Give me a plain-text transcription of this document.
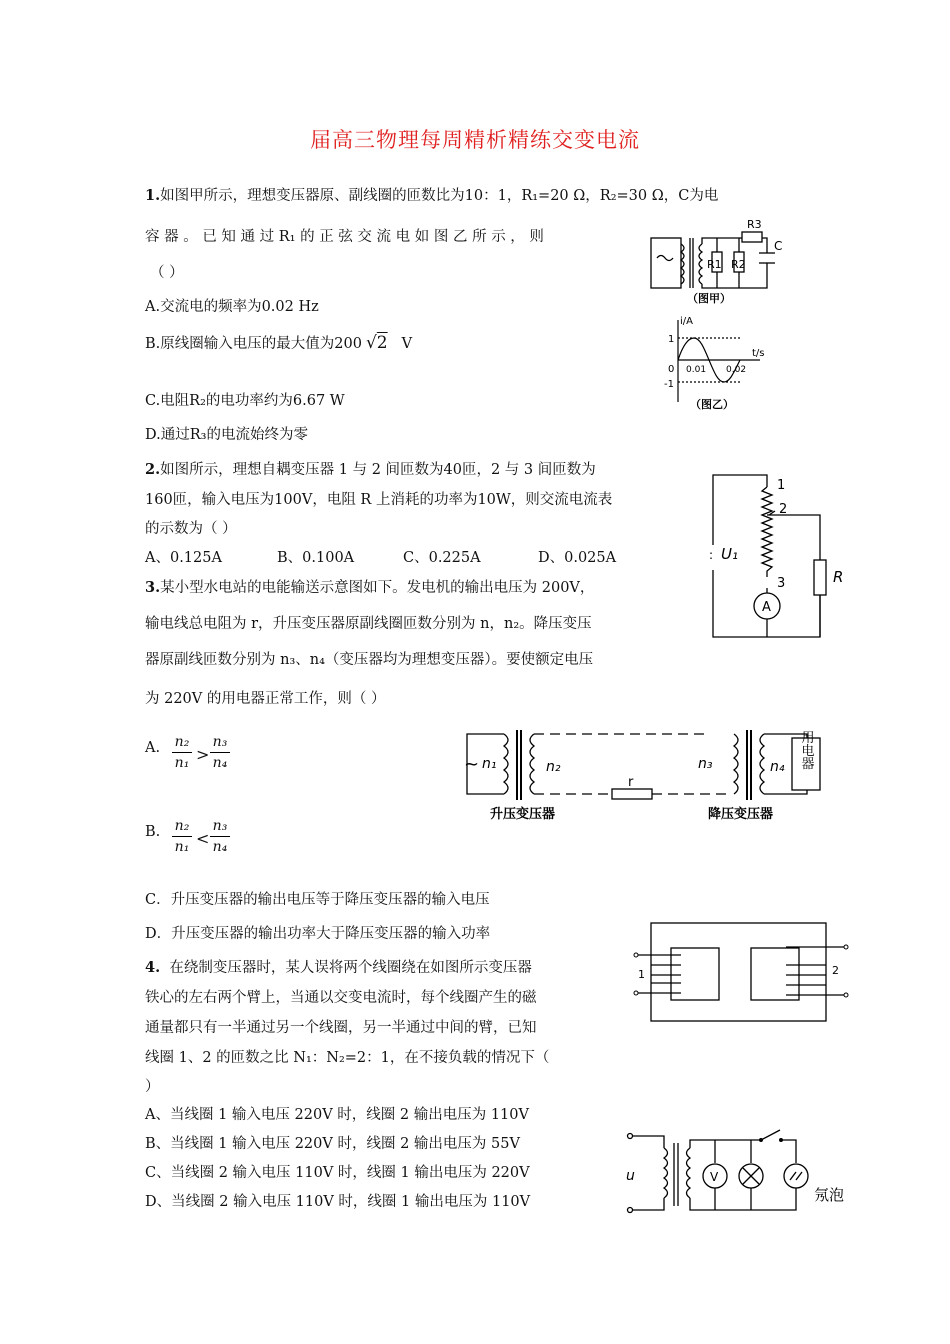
届高三物理每周精析精练交变电流
1.如图甲所示，理想变压器原、副线圈的匝数比为10：1，R₁=20 Ω，R₂=30 Ω，C为电
容 器 。 已 知 通 过 R₁ 的 正 弦 交 流 电 如 图 乙 所 示 ， 则
（ ）
A.交流电的频率为0.02 Hz
B.原线圈输入电压的最大值为200 √2 V
C.电阻R₂的电功率约为6.67 W
D.通过R₃的电流始终为零
R3
R1 R2
C
（图甲）
i/A
t/s
1
0
-1
0.01 0.02
（图乙）
2.如图所示，理想自耦变压器 1 与 2 间匝数为40匝，2 与 3 间匝数为
160匝，输入电压为100V，电阻 R 上消耗的功率为10W，则交流电流表
的示数为（ ）
A、0.125A	B、0.100A	C、0.225A	D、0.025A
1
2
3
U₁
:
R
A
3.某小型水电站的电能输送示意图如下。发电机的输出电压为 200V，
输电线总电阻为 r，升压变压器原副线圈匝数分别为 n，n₂。降压变压
器原副线匝数分别为 n₃、n₄（变压器均为理想变压器）。要使额定电压
为 220V 的用电器正常工作，则（ ）
A. n₂
n₁ >
n₃
n₄
B. n₂
n₁ <
n₃
n₄
C．升压变压器的输出电压等于降压变压器的输入电压
D．升压变压器的输出功率大于降压变压器的输入功率
~ n₁	n₂	n₃	n₄
r
用电器
升压变压器	降压变压器
1	2
4. 在绕制变压器时，某人误将两个线圈绕在如图所示变压器
铁心的左右两个臂上，当通以交变电流时，每个线圈产生的磁
通量都只有一半通过另一个线圈，另一半通过中间的臂，已知
线圈 1、2 的匝数之比 N₁：N₂=2：1，在不接负载的情况下（
）
A、当线圈 1 输入电压 220V 时，线圈 2 输出电压为 110V
B、当线圈 1 输入电压 220V 时，线圈 2 输出电压为 55V
C、当线圈 2 输入电压 110V 时，线圈 1 输出电压为 220V
D、当线圈 2 输入电压 110V 时，线圈 1 输出电压为 110V
u	V
氖泡
